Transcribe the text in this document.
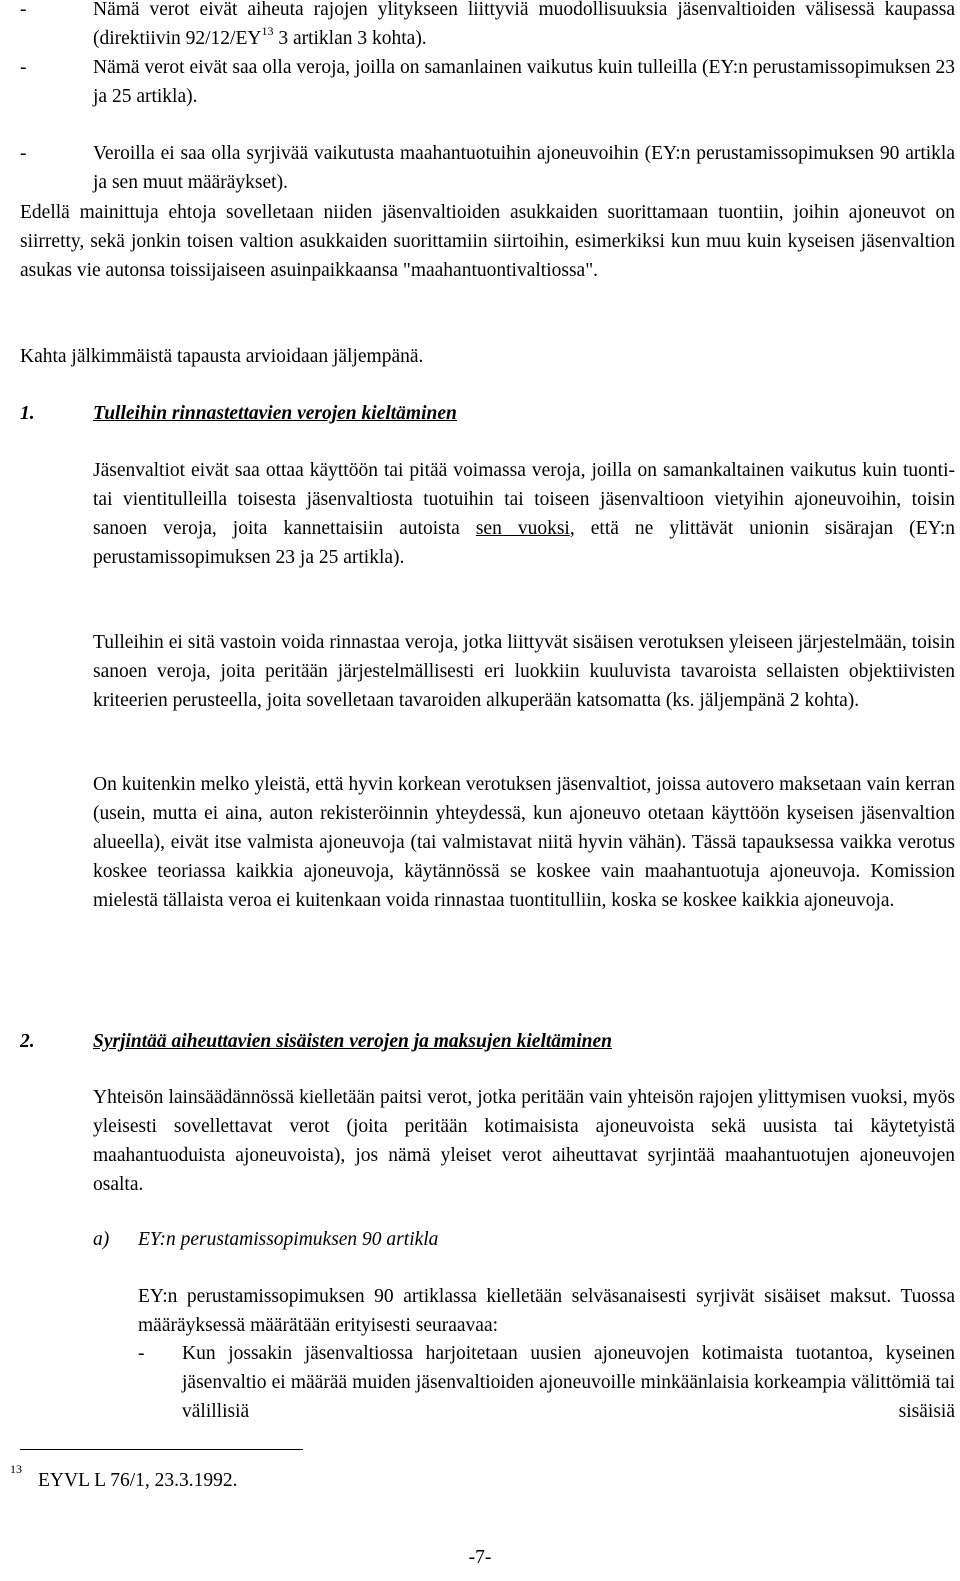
-	Nämä verot eivät aiheuta rajojen ylitykseen liittyviä muodollisuuksia jäsenvaltioiden välisessä kaupassa (direktiivin 92/12/EY$^{13}$ 3 artiklan 3 kohta).
-	Nämä verot eivät saa olla veroja, joilla on samanlainen vaikutus kuin tulleilla (EY:n perustamissopimuksen 23 ja 25 artikla).
-	Veroilla ei saa olla syrjivää vaikutusta maahantuotuihin ajoneuvoihin (EY:n perustamissopimuksen 90 artikla ja sen muut määräykset).
Edellä mainittuja ehtoja sovelletaan niiden jäsenvaltioiden asukkaiden suorittamaan tuontiin, joihin ajoneuvot on siirretty, sekä jonkin toisen valtion asukkaiden suorittamiin siirtoihin, esimerkiksi kun muu kuin kyseisen jäsenvaltion asukas vie autonsa toissijaiseen asuinpaikkaansa "maahantuontivaltiossa".
Kahta jälkimmäistä tapausta arvioidaan jäljempänä.
1.	Tulleihin rinnastettavien verojen kieltäminen
Jäsenvaltiot eivät saa ottaa käyttöön tai pitää voimassa veroja, joilla on samankaltainen vaikutus kuin tuonti- tai vientitulleilla toisesta jäsenvaltiosta tuotuihin tai toiseen jäsenvaltioon vietyihin ajoneuvoihin, toisin sanoen veroja, joita kannettaisiin autoista sen vuoksi, että ne ylittävät unionin sisärajan (EY:n perustamissopimuksen 23 ja 25 artikla).
Tulleihin ei sitä vastoin voida rinnastaa veroja, jotka liittyvät sisäisen verotuksen yleiseen järjestelmään, toisin sanoen veroja, joita peritään järjestelmällisesti eri luokkiin kuuluvista tavaroista sellaisten objektiivisten kriteerien perusteella, joita sovelletaan tavaroiden alkuperään katsomatta (ks. jäljempänä 2 kohta).
On kuitenkin melko yleistä, että hyvin korkean verotuksen jäsenvaltiot, joissa autovero maksetaan vain kerran (usein, mutta ei aina, auton rekisteröinnin yhteydessä, kun ajoneuvo otetaan käyttöön kyseisen jäsenvaltion alueella), eivät itse valmista ajoneuvoja (tai valmistavat niitä hyvin vähän). Tässä tapauksessa vaikka verotus koskee teoriassa kaikkia ajoneuvoja, käytännössä se koskee vain maahantuotuja ajoneuvoja. Komission mielestä tällaista veroa ei kuitenkaan voida rinnastaa tuontitulliin, koska se koskee kaikkia ajoneuvoja.
2.	Syrjintää aiheuttavien sisäisten verojen ja maksujen kieltäminen
Yhteisön lainsäädännössä kielletään paitsi verot, jotka peritään vain yhteisön rajojen ylittymisen vuoksi, myös yleisesti sovellettavat verot (joita peritään kotimaisista ajoneuvoista sekä uusista tai käytetyistä maahantuoduista ajoneuvoista), jos nämä yleiset verot aiheuttavat syrjintää maahantuotujen ajoneuvojen osalta.
a) EY:n perustamissopimuksen 90 artikla
EY:n perustamissopimuksen 90 artiklassa kielletään selväsanaisesti syrjivät sisäiset maksut. Tuossa määräyksessä määrätään erityisesti seuraavaa:
- Kun jossakin jäsenvaltiossa harjoitetaan uusien ajoneuvojen kotimaista tuotantoa, kyseinen jäsenvaltio ei määrää muiden jäsenvaltioiden ajoneuvoille minkäänlaisia korkeampia välittömiä tai välillisiä sisäisiä
13
EYVL L 76/1, 23.3.1992.
-7-
